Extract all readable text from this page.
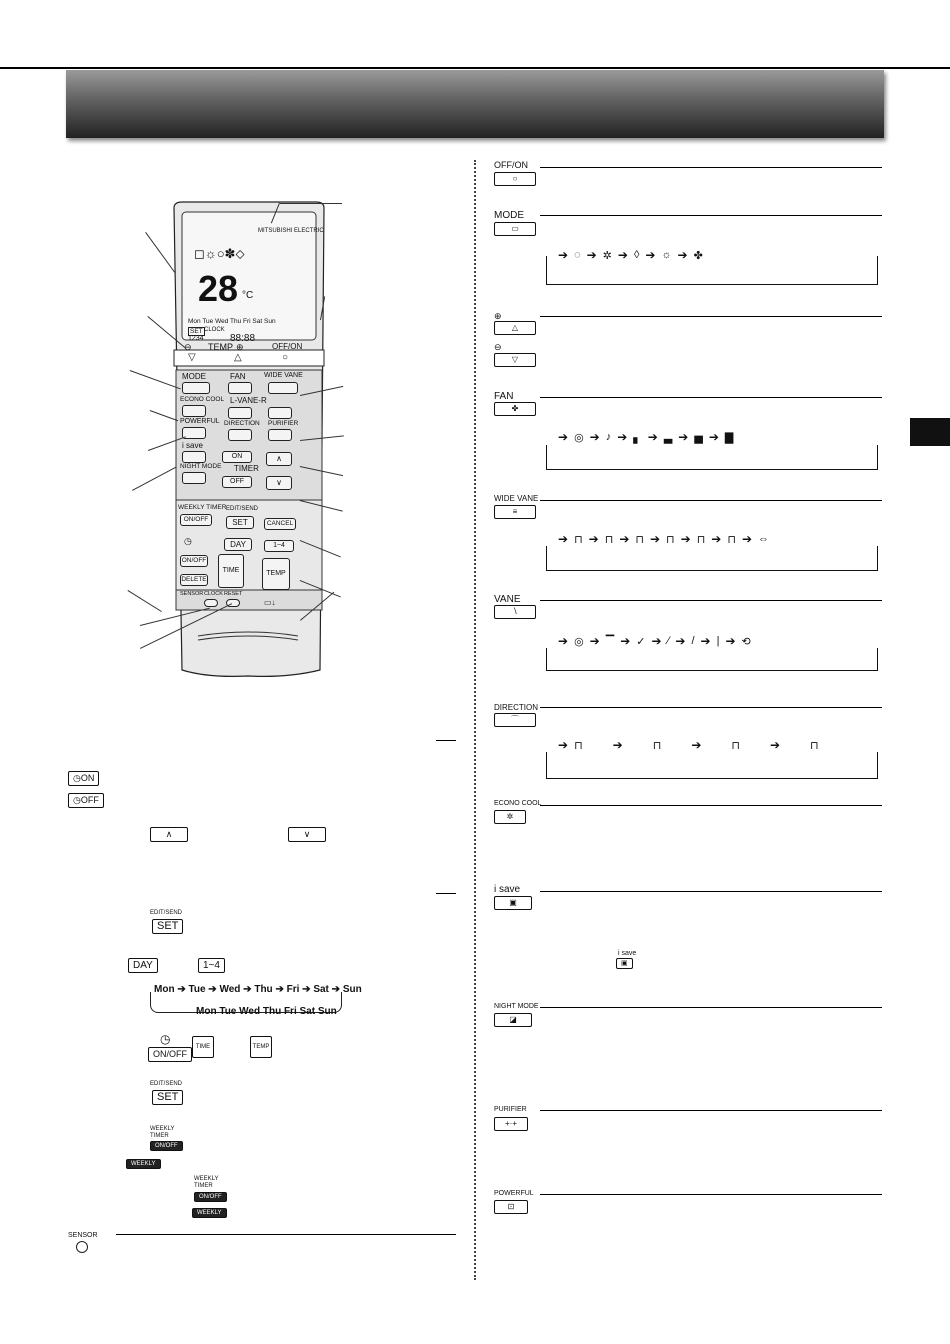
MITSUBISHI ELECTRIC
◻☼○✽⬦
28 °C
Mon Tue Wed Thu Fri Sat Sun
SET CLOCK
1234	88:88
⊖ TEMP ⊕	OFF/ON
▽	△	○
MODE	FAN	WIDE VANE
ECONO COOL L-VANE-R
POWERFUL DIRECTION PURIFIER
i save
NIGHT MODE
ON
TIMER
OFF
∧
∨
WEEKLY TIMER
ON/OFF
EDIT/SEND
SET	CANCEL
◷	DAY	1~4
ON/OFF
DELETE
TIME	TEMP
SENSOR CLOCK RESET
▭↓
◷ON
◷OFF
∧	∨
EDIT/SEND
SET
DAY	1~4
Mon ➔ Tue ➔ Wed ➔ Thu ➔ Fri ➔ Sat ➔ Sun
Mon Tue Wed Thu Fri Sat Sun
◷
ON/OFF
TIME	TEMP
EDIT/SEND
SET
WEEKLY TIMER
ON/OFF
WEEKLY
WEEKLY TIMER
ON/OFF
WEEKLY
SENSOR
OFF/ON
○
MODE
▭
➔ ◌ ➔ ✲ ➔ ◊ ➔ ☼ ➔ ✤
⊕
△
⊖
▽
FAN
✤
➔ ◎ ➔ ♪ ➔ ▖ ➔ ▃ ➔ ▅ ➔ ▇
WIDE VANE
≡
➔ ⊓ ➔ ⊓ ➔ ⊓ ➔ ⊓ ➔ ⊓ ➔ ⊓ ➔ ⇔
VANE
∖
➔ ◎ ➔ ▔ ➔ ✓ ➔ ∕ ➔ / ➔ | ➔ ⟲
DIRECTION
⌒
➔ ⊓	➔	⊓	➔	⊓	➔	⊓
ECONO COOL
✲
i save
▣
i save
▣
NIGHT MODE
◪
PURIFIER
+·+
POWERFUL
⊡
